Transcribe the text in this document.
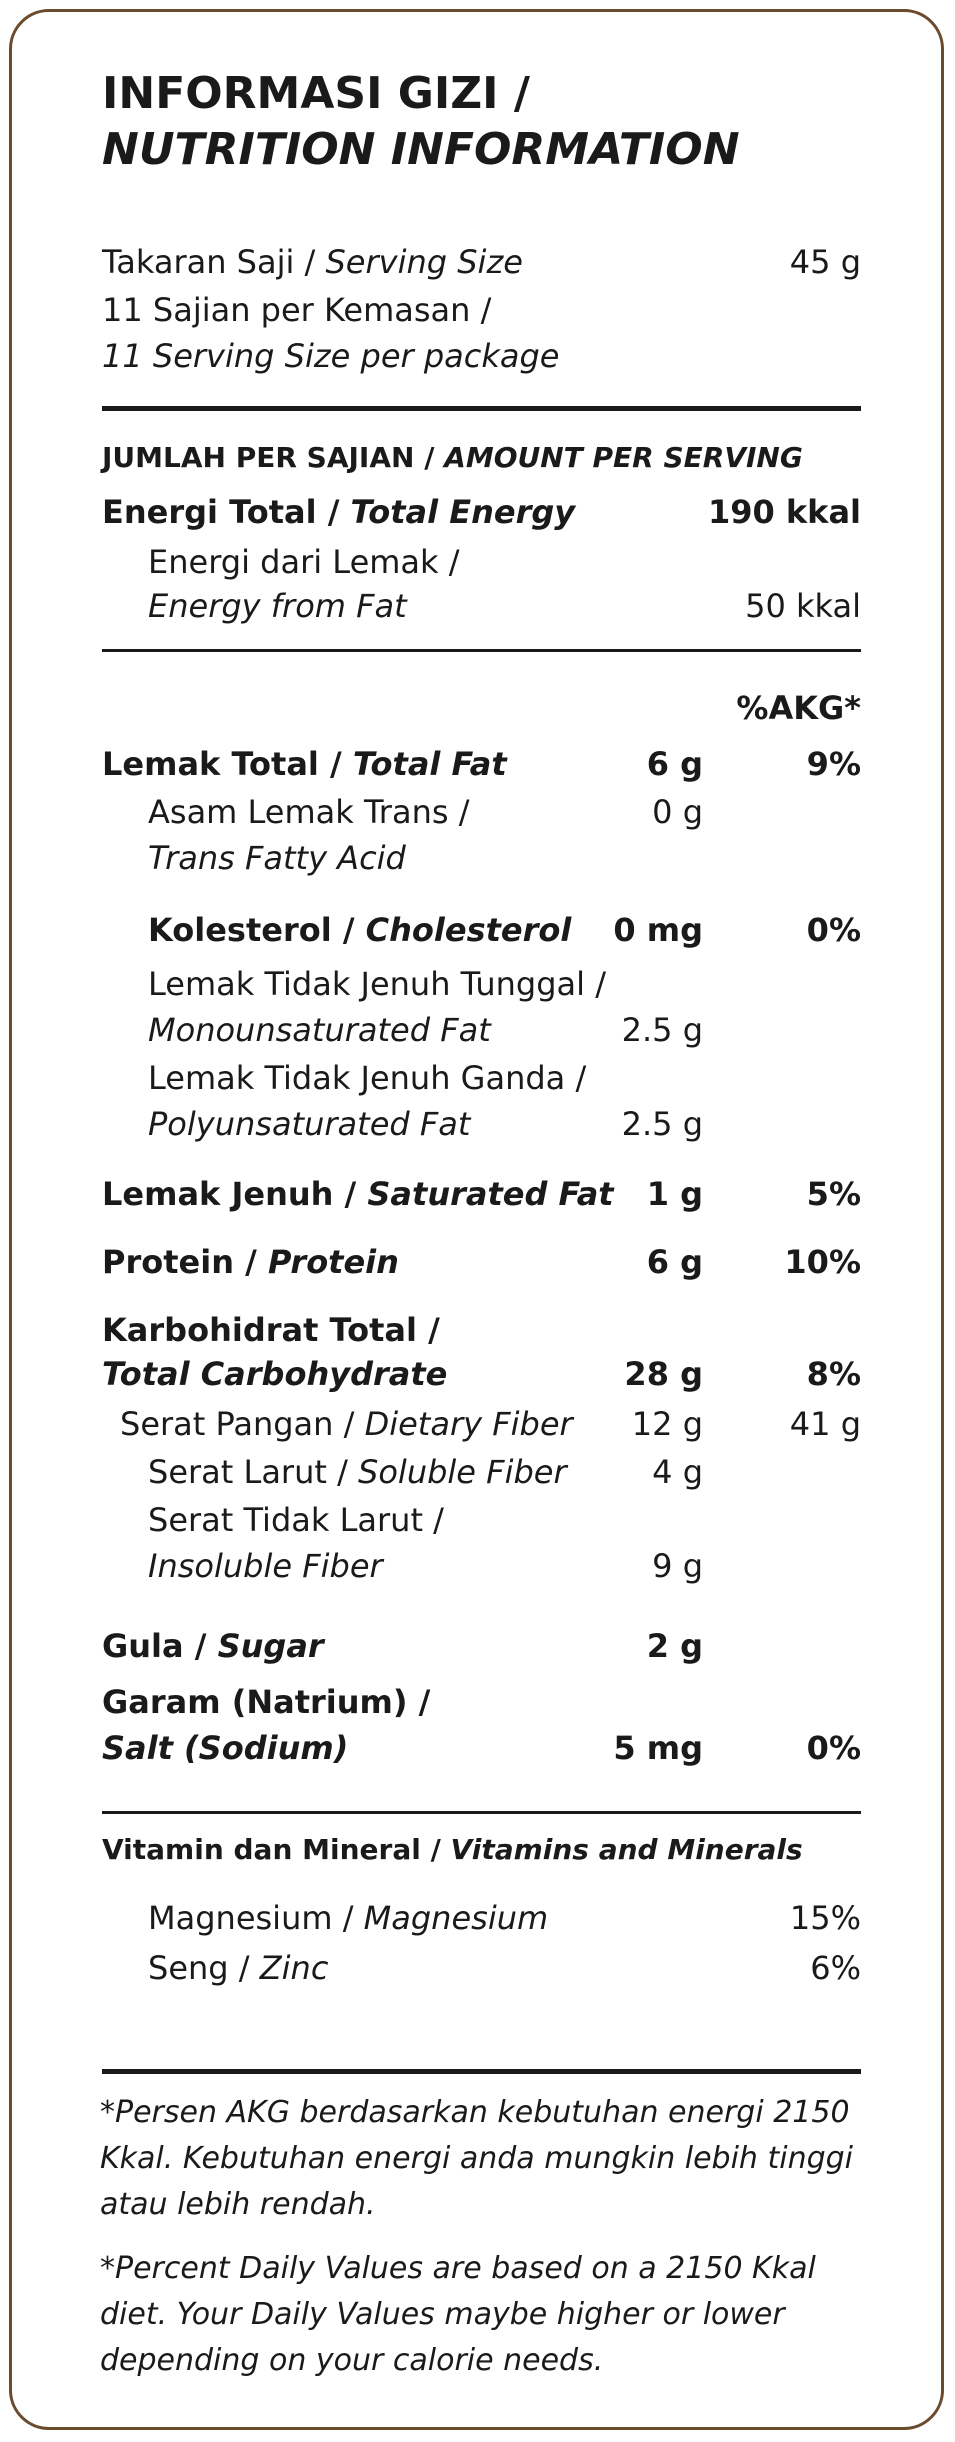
INFORMASI GIZI /
NUTRITION INFORMATION
Takaran Saji / Serving Size	45 g
11 Sajian per Kemasan /
11 Serving Size per package
JUMLAH PER SAJIAN / AMOUNT PER SERVING
Energi Total / Total Energy	190 kkal
Energi dari Lemak /
Energy from Fat	50 kkal
%AKG*
Lemak Total / Total Fat	6 g	9%
Asam Lemak Trans /	0 g
Trans Fatty Acid
Kolesterol / Cholesterol 0 mg	0%
Lemak Tidak Jenuh Tunggal /
Monounsaturated Fat	2.5 g
Lemak Tidak Jenuh Ganda /
Polyunsaturated Fat	2.5 g
Lemak Jenuh / Saturated Fat 1 g	5%
Protein / Protein	6 g	10%
Karbohidrat Total /
Total Carbohydrate	28 g	8%
Serat Pangan / Dietary Fiber 12 g	41 g
Serat Larut / Soluble Fiber	4 g
Serat Tidak Larut /
Insoluble Fiber	9 g
Gula / Sugar	2 g
Garam (Natrium) /
Salt (Sodium)	5 mg	0%
Vitamin dan Mineral / Vitamins and Minerals
Magnesium / Magnesium	15%
Seng / Zinc	6%
*Persen AKG berdasarkan kebutuhan energi 2150 Kkal. Kebutuhan energi anda mungkin lebih tinggi atau lebih rendah.
*Percent Daily Values are based on a 2150 Kkal diet. Your Daily Values maybe higher or lower depending on your calorie needs.
